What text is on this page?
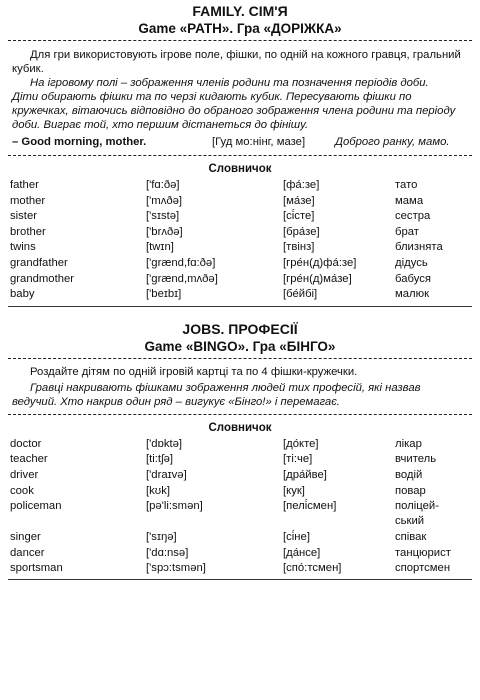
FAMILY. СІМ'Я
Game «PATH». Гра «ДОРІЖКА»
Для гри використовують ігрове поле, фішки, по одній на кожного гравця, гральний кубик.
На ігровому полі – зображення членів родини та позначення періодів доби.
Діти обирають фішки та по черзі кидають кубик. Пересувають фішки по кружечках, вітаючись відповідно до обраного зображення члена родини та періоду доби. Виграє той, хто першим дістанеться до фінішу.
– Good morning, mother.	[Гуд мо:нінг, мазе]	Доброго ранку, мамо.
Словничок
father	['fɑ:ðə]	[фа́:зе]	тато
mother	['mʌðə]	[ма́зе]	мама
sister	['sɪstə]	[сі́сте]	сестра
brother	['brʌðə]	[бра́зе]	брат
twins	[twɪn]	[твінз]	близнята
grandfather	['grænd,fɑ:ðə]	[гре́н(д)фа́:зе]	дідусь
grandmother	['grænd,mʌðə]	[гре́н(д)ма́зе]	бабуся
baby	['beɪbɪ]	[бе́йбі]	малюк
JOBS. ПРОФЕСІЇ
Game «BINGO». Гра «БІНГО»
Роздайте дітям по одній ігровій картці та по 4 фішки-кружечки.
Гравці накривають фішками зображення людей тих професій, які назвав ведучий. Хто накрив один ряд – вигукує «Бінго!» і перемагає.
Словничок
doctor	['dɒktə]	[до́кте]	лікар
teacher	[ti:tʃə]	[ті:че]	вчитель
driver	['draɪvə]	[дра́йве]	водій
cook	[kʊk]	[кук]	повар
policeman	[pə'li:smən]	[пелі́смен]	поліцей-
ський
singer	['sɪŋə]	[сі́не]	співак
dancer	['dɑ:nsə]	[да́нсе]	танцюрист
sportsman	['spɔ:tsmən]	[спо́:тсмен]	спортсмен
